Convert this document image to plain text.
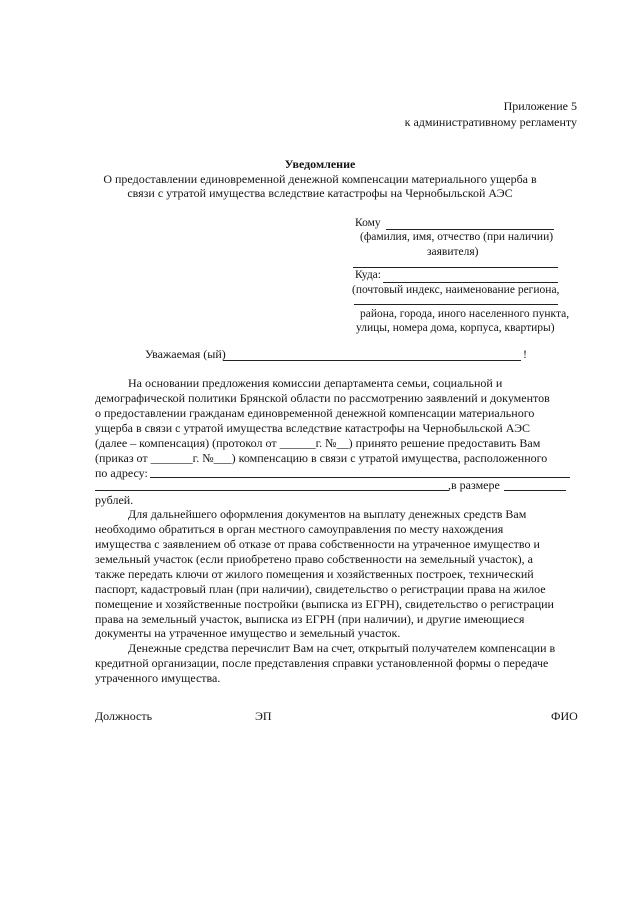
Приложение 5
к административному регламенту
Уведомление
О предоставлении единовременной денежной компенсации материального ущерба в
связи с утратой имущества вследствие катастрофы на Чернобыльской АЭС
Кому
(фамилия, имя, отчество (при наличии)
заявителя)
Куда:
(почтовый индекс, наименование региона,
района, города, иного населенного пункта,
улицы, номера дома, корпуса, квартиры)
Уважаемая (ый)	!
На основании предложения комиссии департамента семьи, социальной и
демографической политики Брянской области по рассмотрению заявлений и документов
о предоставлении гражданам единовременной денежной компенсации материального
ущерба в связи с утратой имущества вследствие катастрофы на Чернобыльской АЭС
(далее – компенсация) (протокол от ______г. №__) принято решение предоставить Вам
(приказ от _______г. №___) компенсацию в связи с утратой имущества, расположенного
по адресу:
,в размере
рублей.
Для дальнейшего оформления документов на выплату денежных средств Вам
необходимо обратиться в орган местного самоуправления по месту нахождения
имущества с заявлением об отказе от права собственности на утраченное имущество и
земельный участок (если приобретено право собственности на земельный участок), а
также передать ключи от жилого помещения и хозяйственных построек, технический
паспорт, кадастровый план (при наличии), свидетельство о регистрации права на жилое
помещение и хозяйственные постройки (выписка из ЕГРН), свидетельство о регистрации
права на земельный участок, выписка из ЕГРН (при наличии), и другие имеющиеся
документы на утраченное имущество и земельный участок.
Денежные средства перечислит Вам на счет, открытый получателем компенсации в
кредитной организации, после представления справки установленной формы о передаче
утраченного имущества.
Должность	ЭП	ФИО
